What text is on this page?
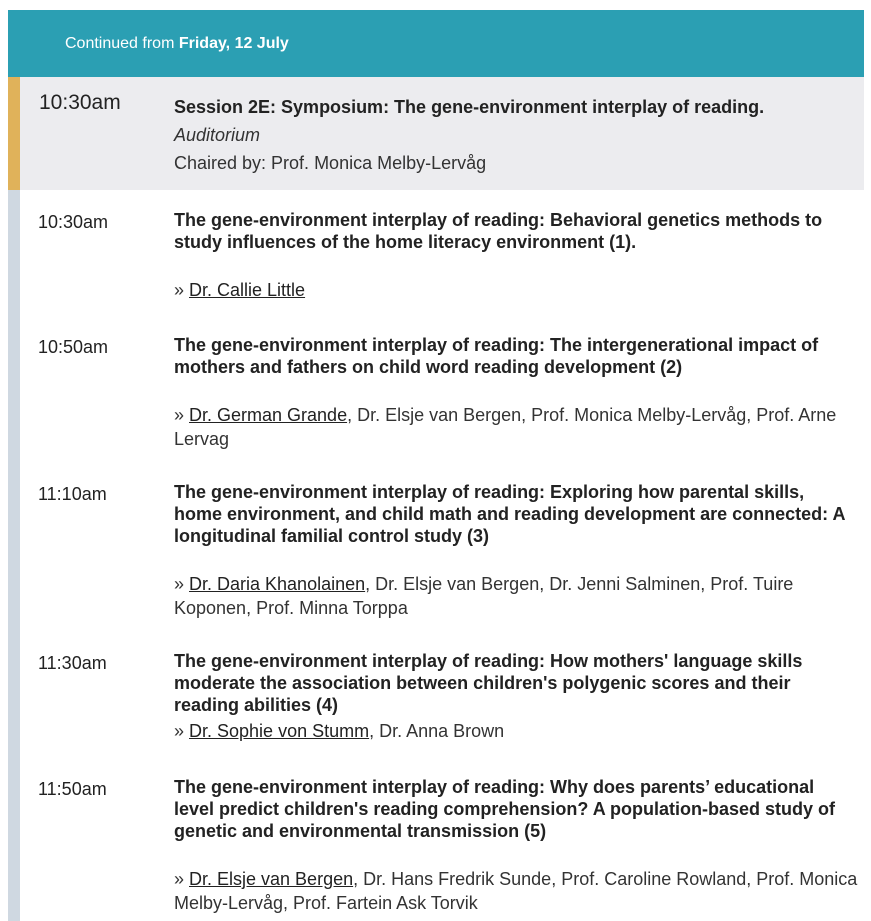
Continued from Friday, 12 July
10:30am	Session 2E: Symposium: The gene-environment interplay of reading.
Auditorium
Chaired by: Prof. Monica Melby-Lervåg
10:30am	The gene-environment interplay of reading: Behavioral genetics methods to study influences of the home literacy environment (1).
» Dr. Callie Little
10:50am	The gene-environment interplay of reading: The intergenerational impact of mothers and fathers on child word reading development (2)
» Dr. German Grande, Dr. Elsje van Bergen, Prof. Monica Melby-Lervåg, Prof. Arne Lervag
11:10am	The gene-environment interplay of reading: Exploring how parental skills, home environment, and child math and reading development are connected: A longitudinal familial control study (3)
» Dr. Daria Khanolainen, Dr. Elsje van Bergen, Dr. Jenni Salminen, Prof. Tuire Koponen, Prof. Minna Torppa
11:30am	The gene-environment interplay of reading: How mothers' language skills moderate the association between children's polygenic scores and their reading abilities (4)
» Dr. Sophie von Stumm, Dr. Anna Brown
11:50am	The gene-environment interplay of reading: Why does parents’ educational level predict children's reading comprehension? A population-based study of genetic and environmental transmission (5)
» Dr. Elsje van Bergen, Dr. Hans Fredrik Sunde, Prof. Caroline Rowland, Prof. Monica Melby-Lervåg, Prof. Fartein Ask Torvik
